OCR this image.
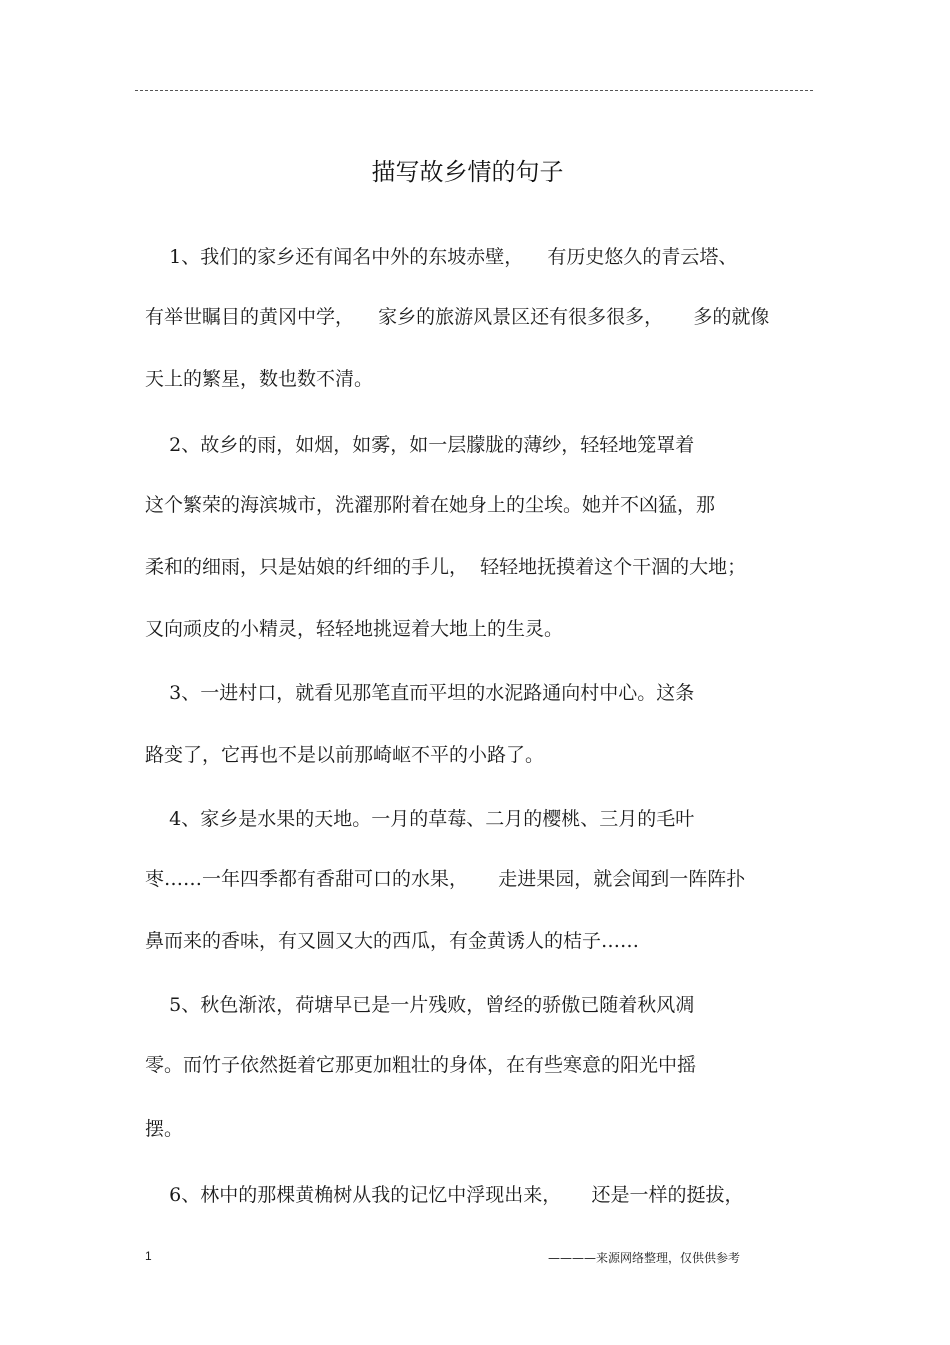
描写故乡情的句子
1、我们的家乡还有闻名中外的东坡赤壁，    有历史悠久的青云塔、
有举世瞩目的黄冈中学，    家乡的旅游风景区还有很多很多，     多的就像
天上的繁星，数也数不清。
2、故乡的雨，如烟，如雾，如一层朦胧的薄纱，轻轻地笼罩着
这个繁荣的海滨城市，洗濯那附着在她身上的尘埃。她并不凶猛，那
柔和的细雨，只是姑娘的纤细的手儿，  轻轻地抚摸着这个干涸的大地；
又向顽皮的小精灵，轻轻地挑逗着大地上的生灵。
3、一进村口，就看见那笔直而平坦的水泥路通向村中心。这条
路变了，它再也不是以前那崎岖不平的小路了。
4、家乡是水果的天地。一月的草莓、二月的樱桃、三月的毛叶
枣……一年四季都有香甜可口的水果，     走进果园，就会闻到一阵阵扑
鼻而来的香味，有又圆又大的西瓜，有金黄诱人的桔子……
5、秋色渐浓，荷塘早已是一片残败，曾经的骄傲已随着秋风凋
零。而竹子依然挺着它那更加粗壮的身体，在有些寒意的阳光中摇
摆。
6、林中的那棵黄桷树从我的记忆中浮现出来，     还是一样的挺拔，
1	————来源网络整理，仅供供参考
